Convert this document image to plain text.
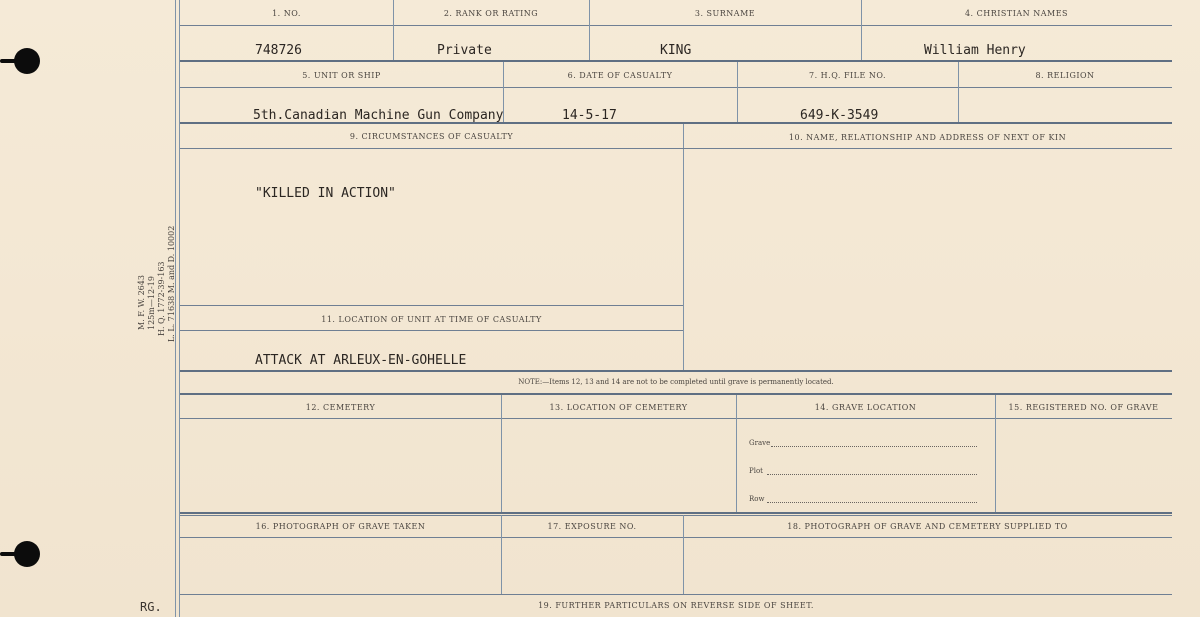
M. F. W. 2643 125m—12-19 H. Q. 1772-39-163 L. L. 71638 M. and D. 10002
1. NO.	2. RANK OR RATING	3. SURNAME	4. CHRISTIAN NAMES
748726	Private	KING	William Henry
5. UNIT OR SHIP	6. DATE OF CASUALTY	7. H.Q. FILE NO.	8. RELIGION
5th.Canadian Machine Gun Company	14-5-17	649-K-3549
9. CIRCUMSTANCES OF CASUALTY	10. NAME, RELATIONSHIP AND ADDRESS OF NEXT OF KIN
"KILLED IN ACTION"
11. LOCATION OF UNIT AT TIME OF CASUALTY
ATTACK AT ARLEUX-EN-GOHELLE
NOTE:—Items 12, 13 and 14 are not to be completed until grave is permanently located.
12. CEMETERY	13. LOCATION OF CEMETERY	14. GRAVE LOCATION	15. REGISTERED NO. OF GRAVE
Grave
Plot
Row
16. PHOTOGRAPH OF GRAVE TAKEN	17. EXPOSURE NO.	18. PHOTOGRAPH OF GRAVE AND CEMETERY SUPPLIED TO
19. FURTHER PARTICULARS ON REVERSE SIDE OF SHEET.
RG.
